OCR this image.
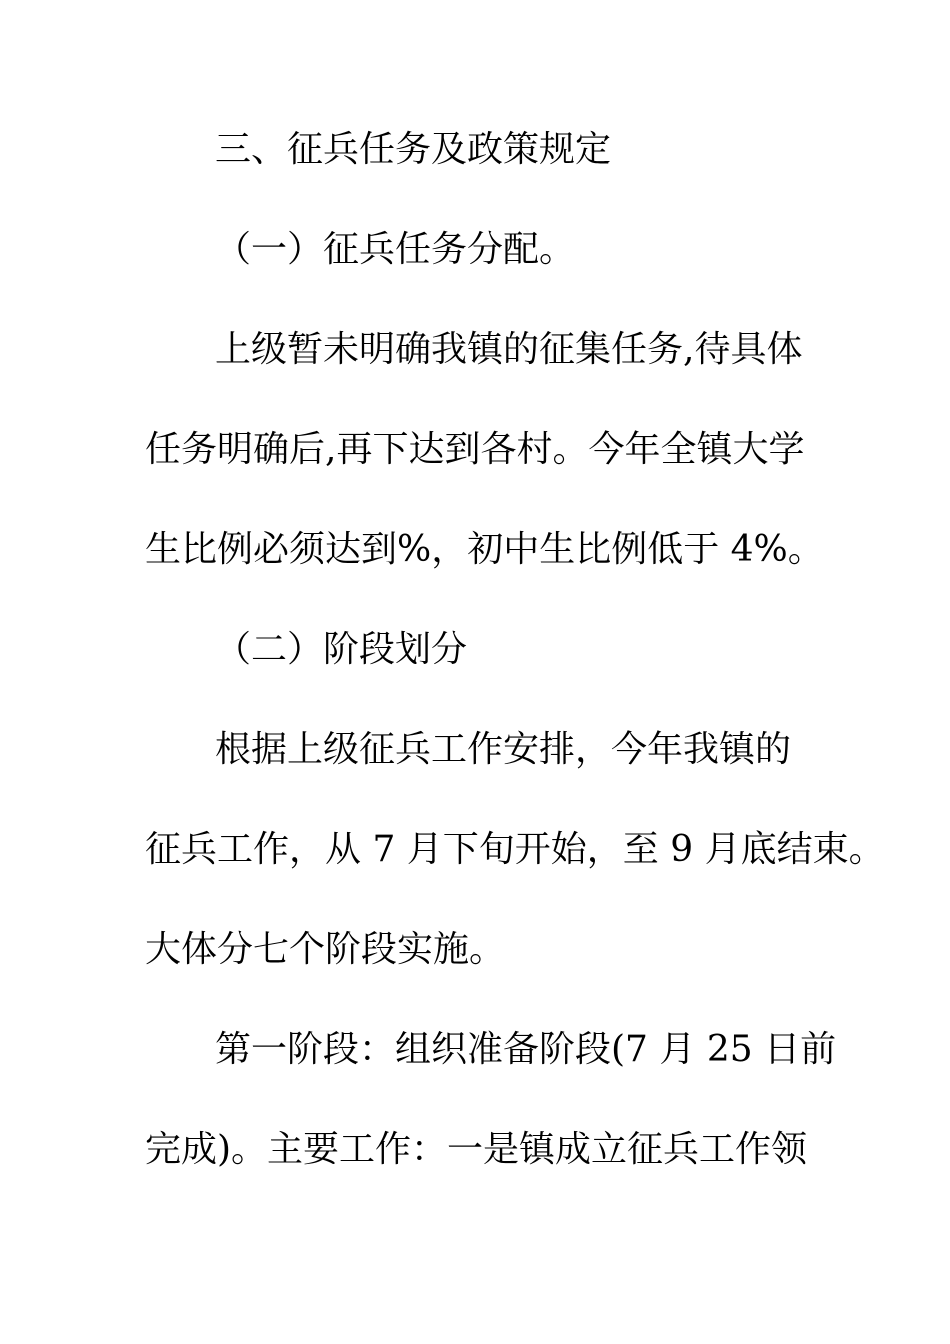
三、征兵任务及政策规定
（一）征兵任务分配。
上级暂未明确我镇的征集任务,待具体
任务明确后,再下达到各村。今年全镇大学
生比例必须达到%，初中生比例低于 4%。
（二）阶段划分
根据上级征兵工作安排，今年我镇的
征兵工作，从 7 月下旬开始，至 9 月底结束。
大体分七个阶段实施。
第一阶段：组织准备阶段(7 月 25 日前
完成)。主要工作：一是镇成立征兵工作领
